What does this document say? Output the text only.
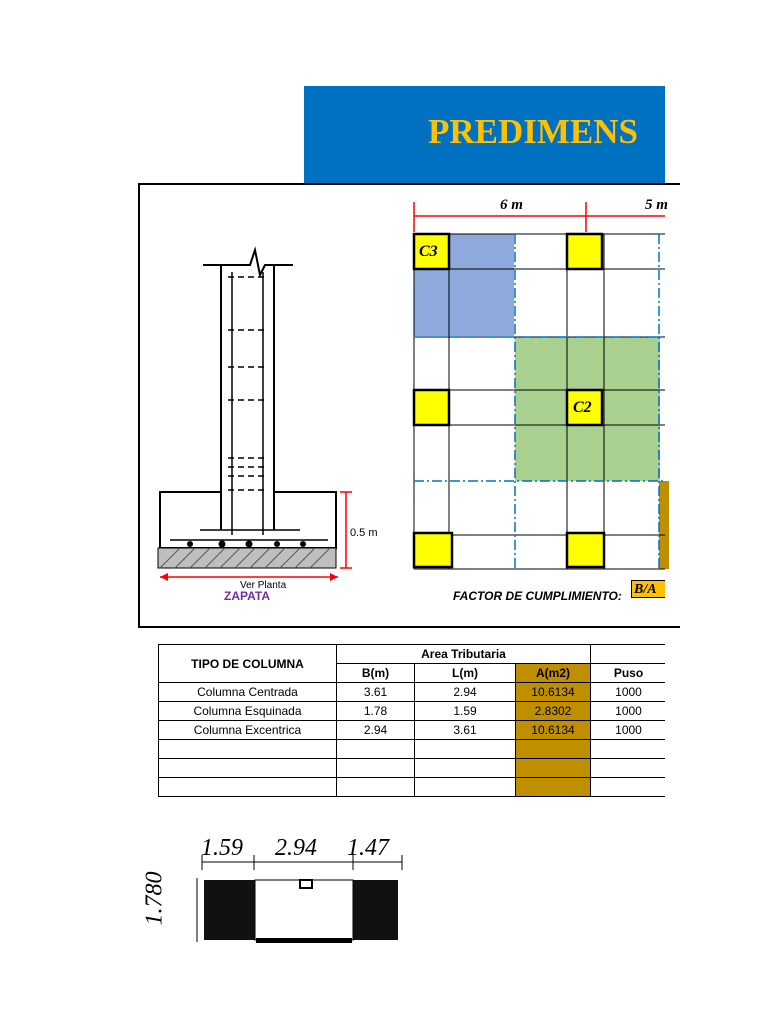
PREDIMENS
0.5 m
Ver Planta
ZAPATA
6 m	5 m
C3
C2
FACTOR DE CUMPLIMIENTO: B/A
TIPO DE COLUMNA	Area Tributaria			
	B(m)	L(m)	A(m2)	Puso
Columna Centrada	3.61	2.94	10.6134	1000
Columna Esquinada	1.78	1.59	2.8302	1000
Columna Excentrica	2.94	3.61	10.6134	1000

1.59 2.94 1.47
1.780
